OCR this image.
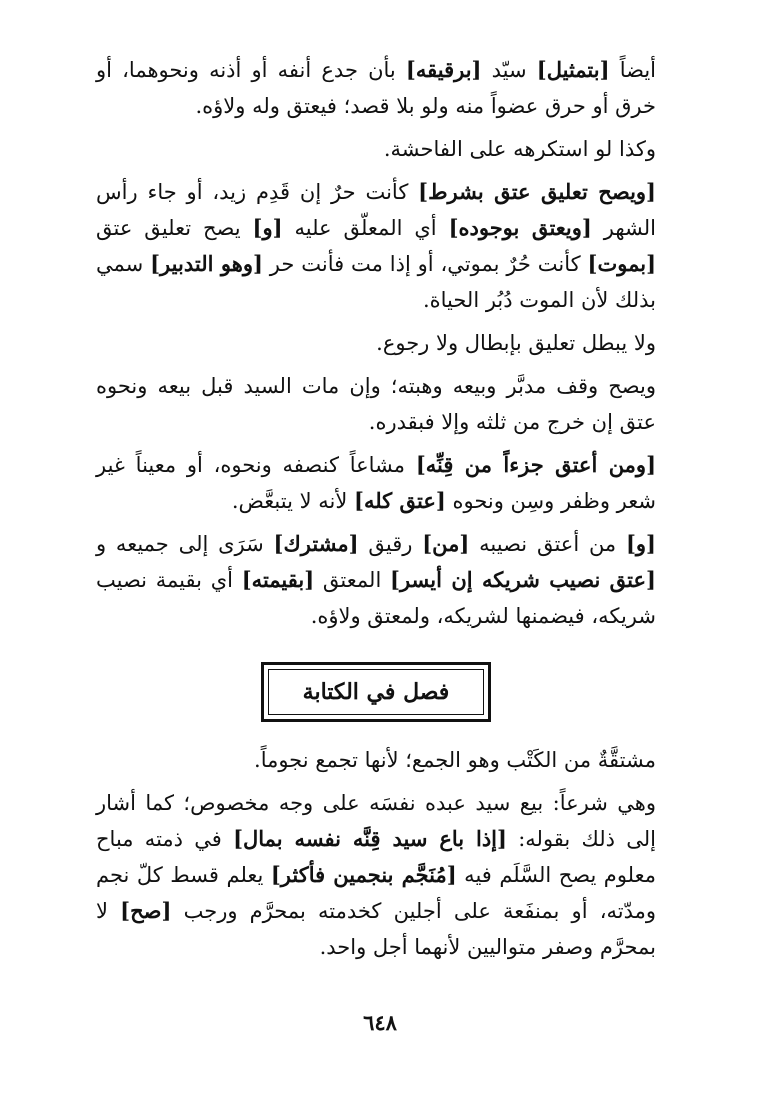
أيضاً [بتمثيل] سيّد [برقيقه] بأن جدع أنفه أو أذنه ونحوهما، أو خرق أو حرق عضواً منه ولو بلا قصد؛ فيعتق وله ولاؤه.

وكذا لو استكرهه على الفاحشة.

[ويصح تعليق عتق بشرط] كأنت حرٌ إن قَدِم زيد، أو جاء رأس الشهر [ويعتق بوجوده] أي المعلّق عليه [و] يصح تعليق عتق [بموت] كأنت حُرٌ بموتي، أو إذا مت فأنت حر [وهو التدبير] سمي بذلك لأن الموت دُبُر الحياة.

ولا يبطل تعليق بإبطال ولا رجوع.

ويصح وقف مدبَّر وبيعه وهبته؛ وإن مات السيد قبل بيعه ونحوه عتق إن خرج من ثلثه وإلا فبقدره.

[ومن أعتق جزءاً من قِنِّه] مشاعاً كنصفه ونحوه، أو معيناً غير شعر وظفر وسِن ونحوه [عتق كله] لأنه لا يتبعَّض.

[و] من أعتق نصيبه [من] رقيق [مشترك] سَرَى إلى جميعه و [عتق نصيب شريكه إن أيسر] المعتق [بقيمته] أي بقيمة نصيب شريكه، فيضمنها لشريكه، ولمعتق ولاؤه.

فصل في الكتابة

مشتقَّةٌ من الكَتْب وهو الجمع؛ لأنها تجمع نجوماً.

وهي شرعاً: بيع سيد عبده نفسَه على وجه مخصوص؛ كما أشار إلى ذلك بقوله: [إذا باع سيد قِنَّه نفسه بمال] في ذمته مباح معلوم يصح السَّلَم فيه [مُنَجَّم بنجمين فأكثر] يعلم قسط كلّ نجم ومدّته، أو بمنفَعة على أجلين كخدمته بمحرَّم ورجب [صح] لا بمحرَّم وصفر متواليين لأنهما أجل واحد.

٦٤٨
